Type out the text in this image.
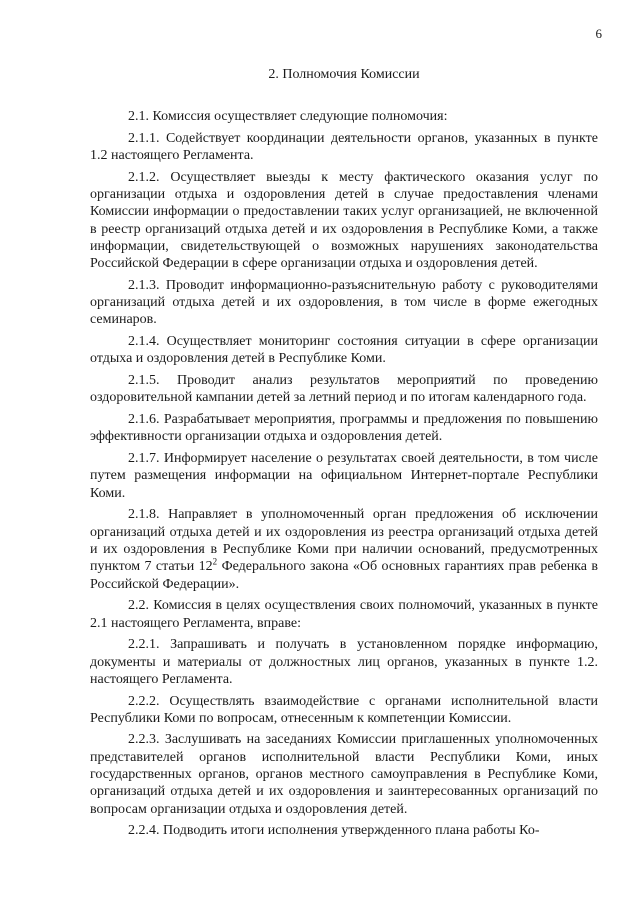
6
2. Полномочия Комиссии

2.1. Комиссия осуществляет следующие полномочия:

2.1.1. Содействует координации деятельности органов, указанных в пункте 1.2 настоящего Регламента.

2.1.2. Осуществляет выезды к месту фактического оказания услуг по организации отдыха и оздоровления детей в случае предоставления членами Комиссии информации о предоставлении таких услуг организацией, не включенной в реестр организаций отдыха детей и их оздоровления в Республике Коми, а также информации, свидетельствующей о возможных нарушениях законодательства Российской Федерации в сфере организации отдыха и оздоровления детей.

2.1.3. Проводит информационно-разъяснительную работу с руководителями организаций отдыха детей и их оздоровления, в том числе в форме ежегодных семинаров.

2.1.4. Осуществляет мониторинг состояния ситуации в сфере организации отдыха и оздоровления детей в Республике Коми.

2.1.5. Проводит анализ результатов мероприятий по проведению оздоровительной кампании детей за летний период и по итогам календарного года.

2.1.6. Разрабатывает мероприятия, программы и предложения по повышению эффективности организации отдыха и оздоровления детей.

2.1.7. Информирует население о результатах своей деятельности, в том числе путем размещения информации на официальном Интернет-портале Республики Коми.

2.1.8. Направляет в уполномоченный орган предложения об исключении организаций отдыха детей и их оздоровления из реестра организаций отдыха детей и их оздоровления в Республике Коми при наличии оснований, предусмотренных пунктом 7 статьи $12^2$ Федерального закона «Об основных гарантиях прав ребенка в Российской Федерации».

2.2. Комиссия в целях осуществления своих полномочий, указанных в пункте 2.1 настоящего Регламента, вправе:

2.2.1. Запрашивать и получать в установленном порядке информацию, документы и материалы от должностных лиц органов, указанных в пункте 1.2. настоящего Регламента.

2.2.2. Осуществлять взаимодействие с органами исполнительной власти Республики Коми по вопросам, отнесенным к компетенции Комиссии.

2.2.3. Заслушивать на заседаниях Комиссии приглашенных уполномоченных представителей органов исполнительной власти Республики Коми, иных государственных органов, органов местного самоуправления в Республике Коми, организаций отдыха детей и их оздоровления и заинтересованных организаций по вопросам организации отдыха и оздоровления детей.

2.2.4. Подводить итоги исполнения утвержденного плана работы Ко-
